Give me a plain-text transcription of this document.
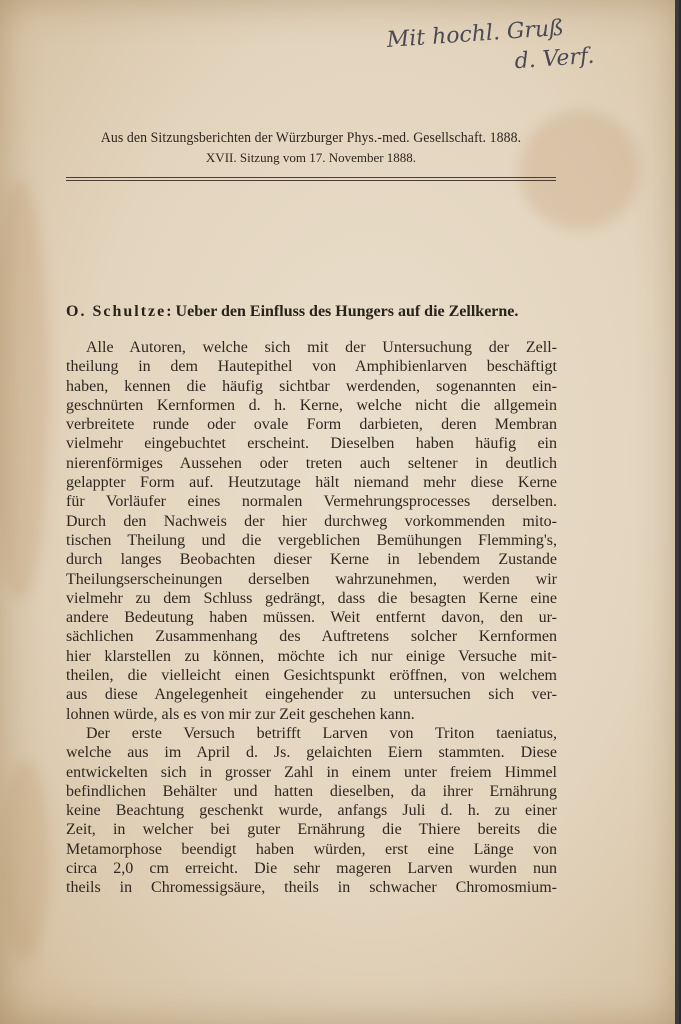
Mit hochl. Gruß
d. Verf.
Aus den Sitzungsberichten der Würzburger Phys.-med. Gesellschaft. 1888.
XVII. Sitzung vom 17. November 1888.
O. Schultze: Ueber den Einfluss des Hungers auf die Zellkerne.
Alle Autoren, welche sich mit der Untersuchung der Zell-
theilung in dem Hautepithel von Amphibienlarven beschäftigt
haben, kennen die häufig sichtbar werdenden, sogenannten ein-
geschnürten Kernformen d. h. Kerne, welche nicht die allgemein
verbreitete runde oder ovale Form darbieten, deren Membran
vielmehr eingebuchtet erscheint. Dieselben haben häufig ein
nierenförmiges Aussehen oder treten auch seltener in deutlich
gelappter Form auf. Heutzutage hält niemand mehr diese Kerne
für Vorläufer eines normalen Vermehrungsprocesses derselben.
Durch den Nachweis der hier durchweg vorkommenden mito-
tischen Theilung und die vergeblichen Bemühungen Flemming's,
durch langes Beobachten dieser Kerne in lebendem Zustande
Theilungserscheinungen derselben wahrzunehmen, werden wir
vielmehr zu dem Schluss gedrängt, dass die besagten Kerne eine
andere Bedeutung haben müssen. Weit entfernt davon, den ur-
sächlichen Zusammenhang des Auftretens solcher Kernformen
hier klarstellen zu können, möchte ich nur einige Versuche mit-
theilen, die vielleicht einen Gesichtspunkt eröffnen, von welchem
aus diese Angelegenheit eingehender zu untersuchen sich ver-
lohnen würde, als es von mir zur Zeit geschehen kann.
Der erste Versuch betrifft Larven von Triton taeniatus,
welche aus im April d. Js. gelaichten Eiern stammten. Diese
entwickelten sich in grosser Zahl in einem unter freiem Himmel
befindlichen Behälter und hatten dieselben, da ihrer Ernährung
keine Beachtung geschenkt wurde, anfangs Juli d. h. zu einer
Zeit, in welcher bei guter Ernährung die Thiere bereits die
Metamorphose beendigt haben würden, erst eine Länge von
circa 2,0 cm erreicht. Die sehr mageren Larven wurden nun
theils in Chromessigsäure, theils in schwacher Chromosmium-
